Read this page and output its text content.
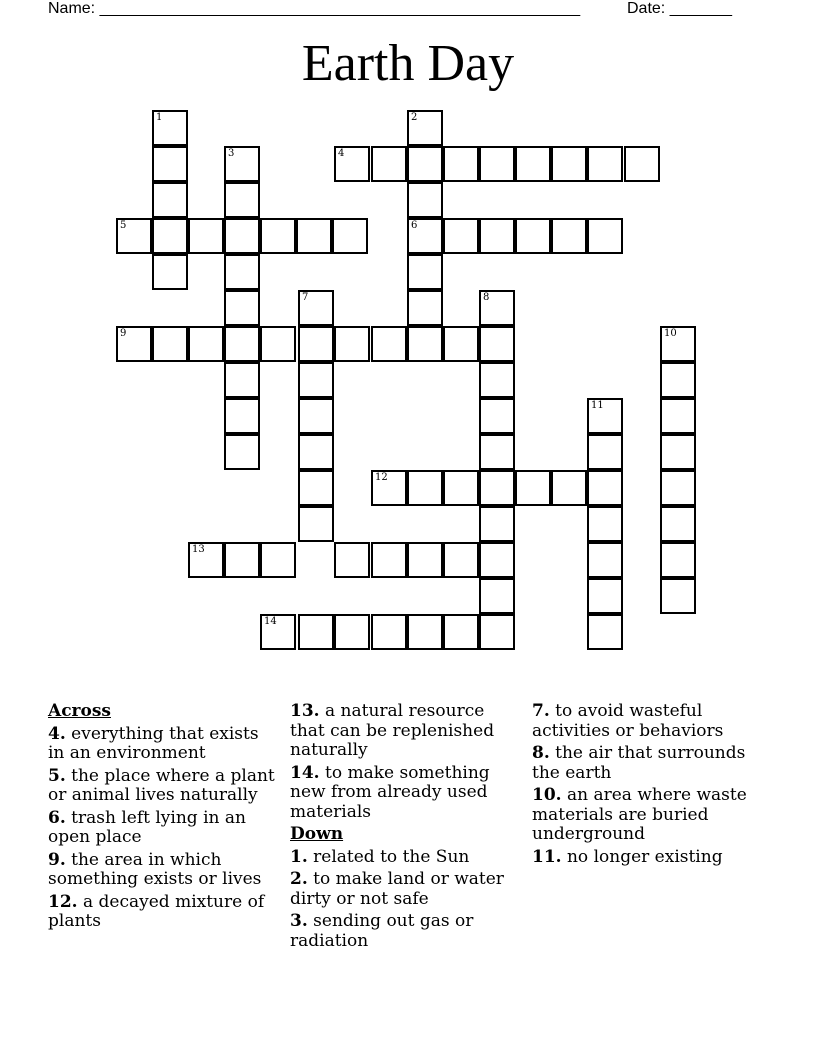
Name: ______________________________________________________	Date: _______
Earth Day
1	2
3	4
5	6
7	8
9	10
11
12
13
14
Across
4. everything that exists in an environment
5. the place where a plant or animal lives naturally
6. trash left lying in an open place
9. the area in which something exists or lives
12. a decayed mixture of plants
13. a natural resource that can be replenished naturally
14. to make something new from already used materials
Down
1. related to the Sun
2. to make land or water dirty or not safe
3. sending out gas or radiation
7. to avoid wasteful activities or behaviors
8. the air that surrounds the earth
10. an area where waste materials are buried underground
11. no longer existing
